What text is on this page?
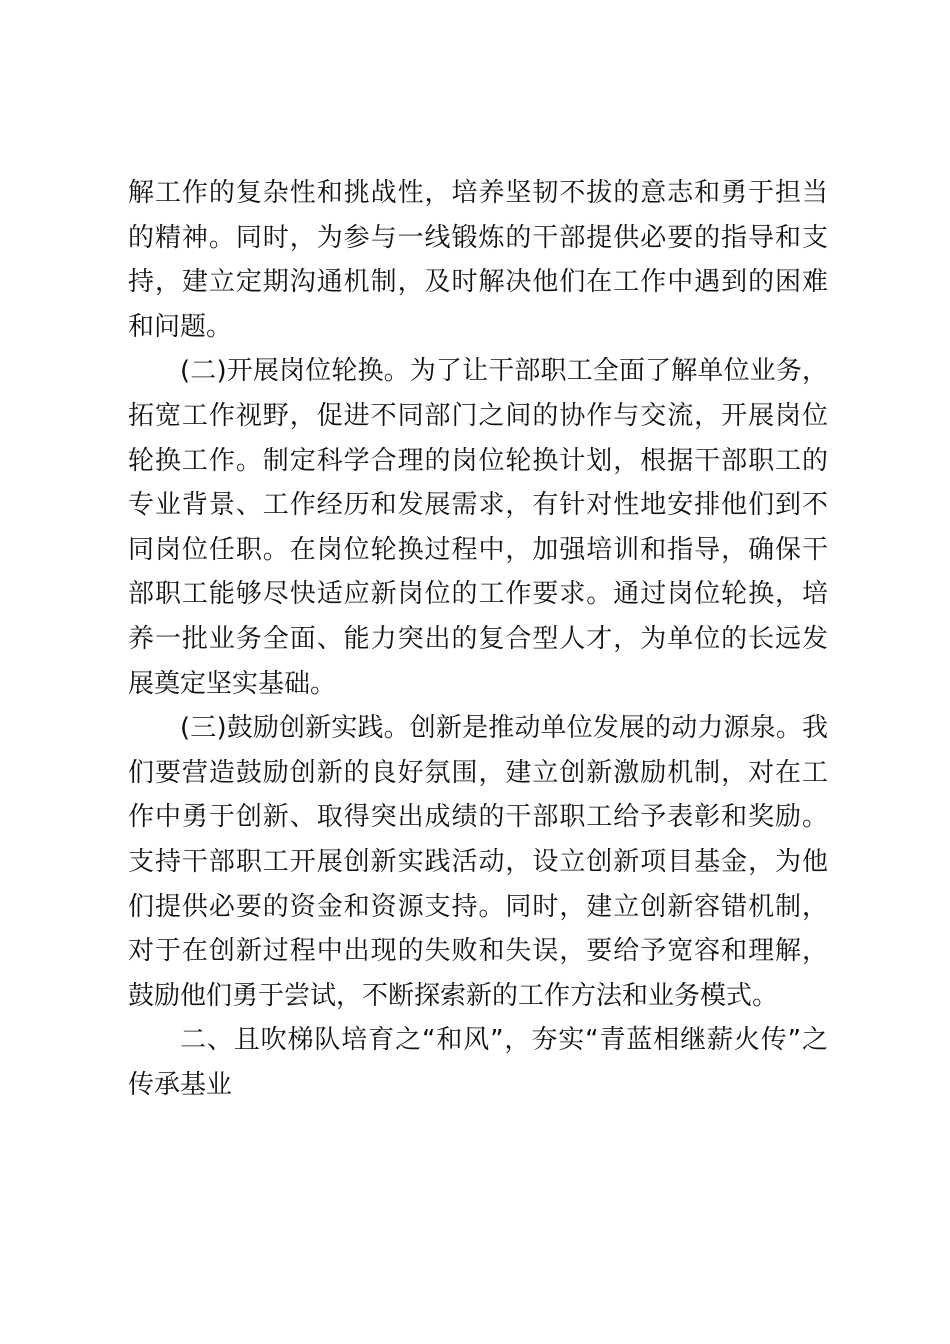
解工作的复杂性和挑战性，培养坚韧不拔的意志和勇于担当的精神。同时，为参与一线锻炼的干部提供必要的指导和支持，建立定期沟通机制，及时解决他们在工作中遇到的困难和问题。

(二)开展岗位轮换。为了让干部职工全面了解单位业务，拓宽工作视野，促进不同部门之间的协作与交流，开展岗位轮换工作。制定科学合理的岗位轮换计划，根据干部职工的专业背景、工作经历和发展需求，有针对性地安排他们到不同岗位任职。在岗位轮换过程中，加强培训和指导，确保干部职工能够尽快适应新岗位的工作要求。通过岗位轮换，培养一批业务全面、能力突出的复合型人才，为单位的长远发展奠定坚实基础。

(三)鼓励创新实践。创新是推动单位发展的动力源泉。我们要营造鼓励创新的良好氛围，建立创新激励机制，对在工作中勇于创新、取得突出成绩的干部职工给予表彰和奖励。支持干部职工开展创新实践活动，设立创新项目基金，为他们提供必要的资金和资源支持。同时，建立创新容错机制，对于在创新过程中出现的失败和失误，要给予宽容和理解，鼓励他们勇于尝试，不断探索新的工作方法和业务模式。

二、且吹梯队培育之“和风”，夯实“青蓝相继薪火传”之传承基业
